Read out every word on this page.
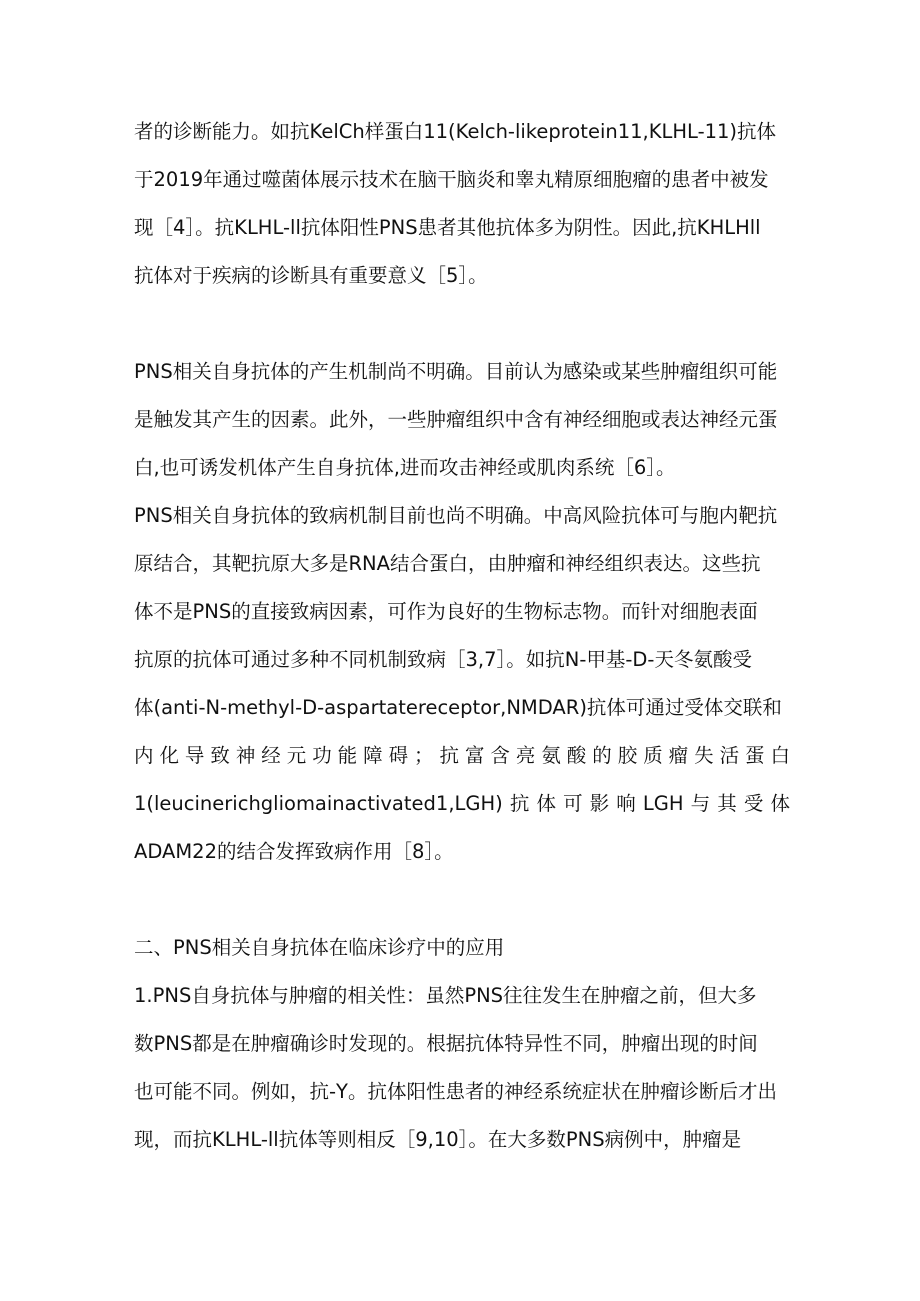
者的诊断能力。如抗KelCh样蛋白11(Kelch-likeprotein11,KLHL-11)抗体
于2019年通过噬菌体展示技术在脑干脑炎和睾丸精原细胞瘤的患者中被发
现［4］。抗KLHL-ll抗体阳性PNS患者其他抗体多为阴性。因此,抗KHLHll
抗体对于疾病的诊断具有重要意义［5］。
PNS相关自身抗体的产生机制尚不明确。目前认为感染或某些肿瘤组织可能
是触发其产生的因素。此外，一些肿瘤组织中含有神经细胞或表达神经元蛋
白,也可诱发机体产生自身抗体,进而攻击神经或肌肉系统［6］。
PNS相关自身抗体的致病机制目前也尚不明确。中高风险抗体可与胞内靶抗
原结合，其靶抗原大多是RNA结合蛋白，由肿瘤和神经组织表达。这些抗
体不是PNS的直接致病因素，可作为良好的生物标志物。而针对细胞表面
抗原的抗体可通过多种不同机制致病［3,7］。如抗N-甲基-D-天冬氨酸受
体(anti-N-methyl-D-aspartatereceptor,NMDAR)抗体可通过受体交联和
内化导致神经元功能障碍；抗富含亮氨酸的胶质瘤失活蛋白
1(leucinerichgliomainactivated1,LGH)抗体可影响LGH与其受体
ADAM22的结合发挥致病作用［8］。
二、PNS相关自身抗体在临床诊疗中的应用
1.PNS自身抗体与肿瘤的相关性：虽然PNS往往发生在肿瘤之前，但大多
数PNS都是在肿瘤确诊时发现的。根据抗体特异性不同，肿瘤出现的时间
也可能不同。例如，抗-Y。抗体阳性患者的神经系统症状在肿瘤诊断后才出
现，而抗KLHL-ll抗体等则相反［9,10］。在大多数PNS病例中，肿瘤是
